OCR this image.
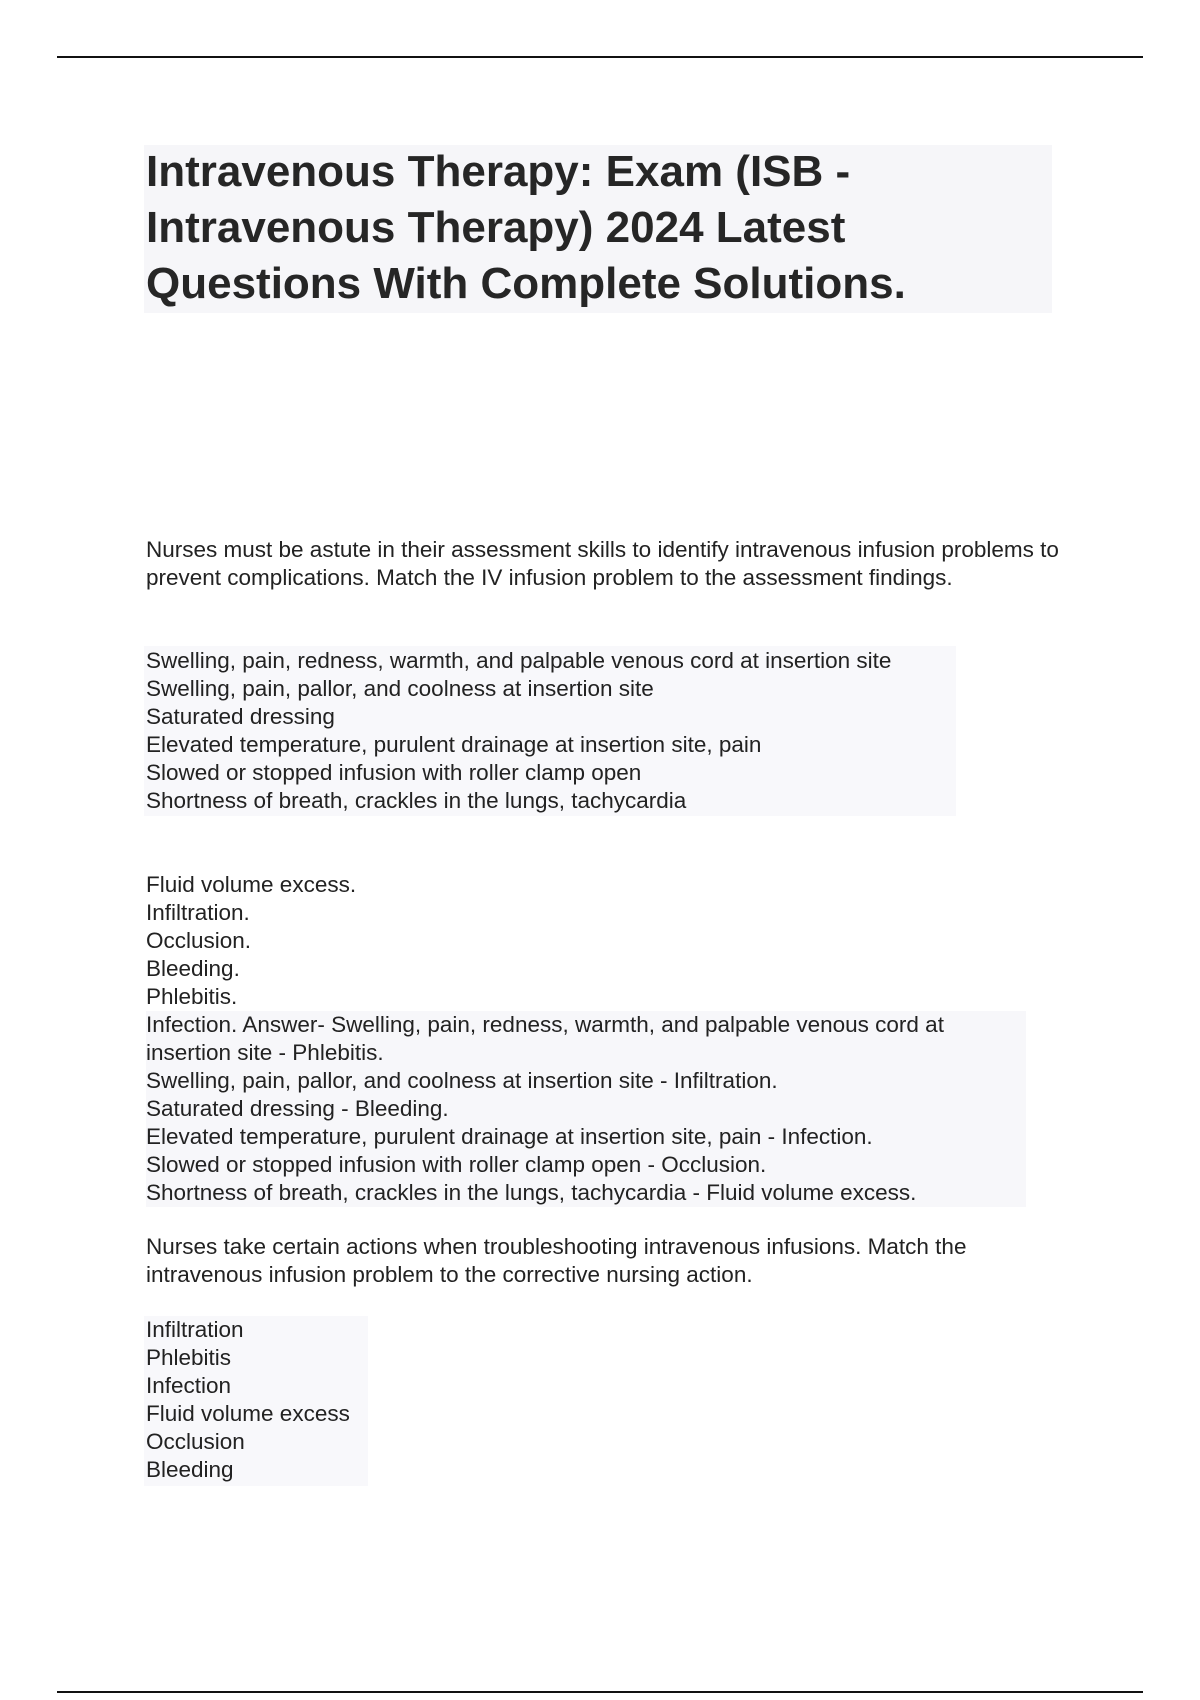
Intravenous Therapy: Exam (ISB - Intravenous Therapy) 2024 Latest Questions With Complete Solutions.
Nurses must be astute in their assessment skills to identify intravenous infusion problems to prevent complications. Match the IV infusion problem to the assessment findings.
Swelling, pain, redness, warmth, and palpable venous cord at insertion site
Swelling, pain, pallor, and coolness at insertion site
Saturated dressing
Elevated temperature, purulent drainage at insertion site, pain
Slowed or stopped infusion with roller clamp open
Shortness of breath, crackles in the lungs, tachycardia
Fluid volume excess.
Infiltration.
Occlusion.
Bleeding.
Phlebitis.
Infection. Answer- Swelling, pain, redness, warmth, and palpable venous cord at insertion site - Phlebitis.
Swelling, pain, pallor, and coolness at insertion site - Infiltration.
Saturated dressing - Bleeding.
Elevated temperature, purulent drainage at insertion site, pain - Infection.
Slowed or stopped infusion with roller clamp open - Occlusion.
Shortness of breath, crackles in the lungs, tachycardia - Fluid volume excess.
Nurses take certain actions when troubleshooting intravenous infusions. Match the intravenous infusion problem to the corrective nursing action.
Infiltration
Phlebitis
Infection
Fluid volume excess
Occlusion
Bleeding
